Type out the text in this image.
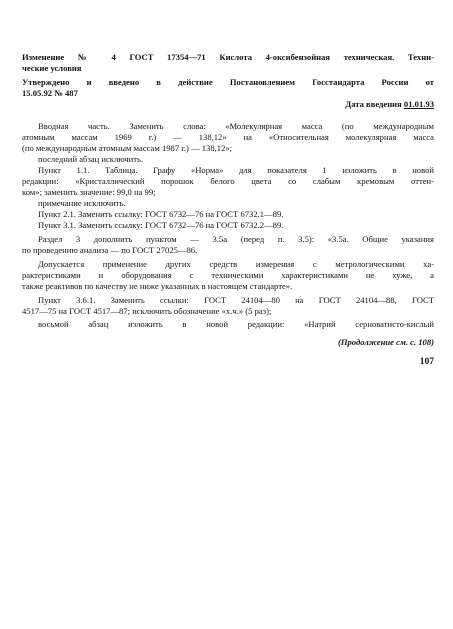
Изменение № 4 ГОСТ 17354—71 Кислота 4-оксибензойная техническая. Техни-
ческие условия
Утверждено и введено в действие Постановлением Госстандарта России от
15.05.92 № 487
Дата введения 01.01.93
Вводная часть. Заменить слова: «Молекулярная масса (по международным
атомным массам 1969 г.) — 138,12» на «Относительная молекулярная масса
(по международным атомным массам 1987 г.) — 138,12»;
последний абзац исключить.
Пункт 1.1. Таблица. Графу «Норма» для показателя 1 изложить в новой
редакции: «Кристаллический порошок белого цвета со слабым кремовым оттен-
ком»; заменить значение: 99,0 на 99;
примечание исключить.
Пункт 2.1. Заменить ссылку: ГОСТ 6732—76 на ГОСТ 6732.1—89.
Пункт 3.1. Заменить ссылку: ГОСТ 6732—76 на ГОСТ 6732.2—89.
Раздел 3 дополнить пунктом — 3.5а (перед п. 3.5): «3.5а. Общие указания
по проведению анализа — по ГОСТ 27025—86.
Допускается применение других средств измерения с метрологическими ха-
рактеристиками и оборудования с техническими характеристиками не хуже, а
также реактивов по качеству не ниже указанных в настоящем стандарте».
Пункт 3.6.1. Заменить ссылки: ГОСТ 24104—80 на ГОСТ 24104—88, ГОСТ
4517—75 на ГОСТ 4517—87; исключить обозначение «х.ч.» (5 раз);
восьмой абзац изложить в новой редакции: «Натрий серноватисто-кислый
(Продолжение см. с. 108)
107
